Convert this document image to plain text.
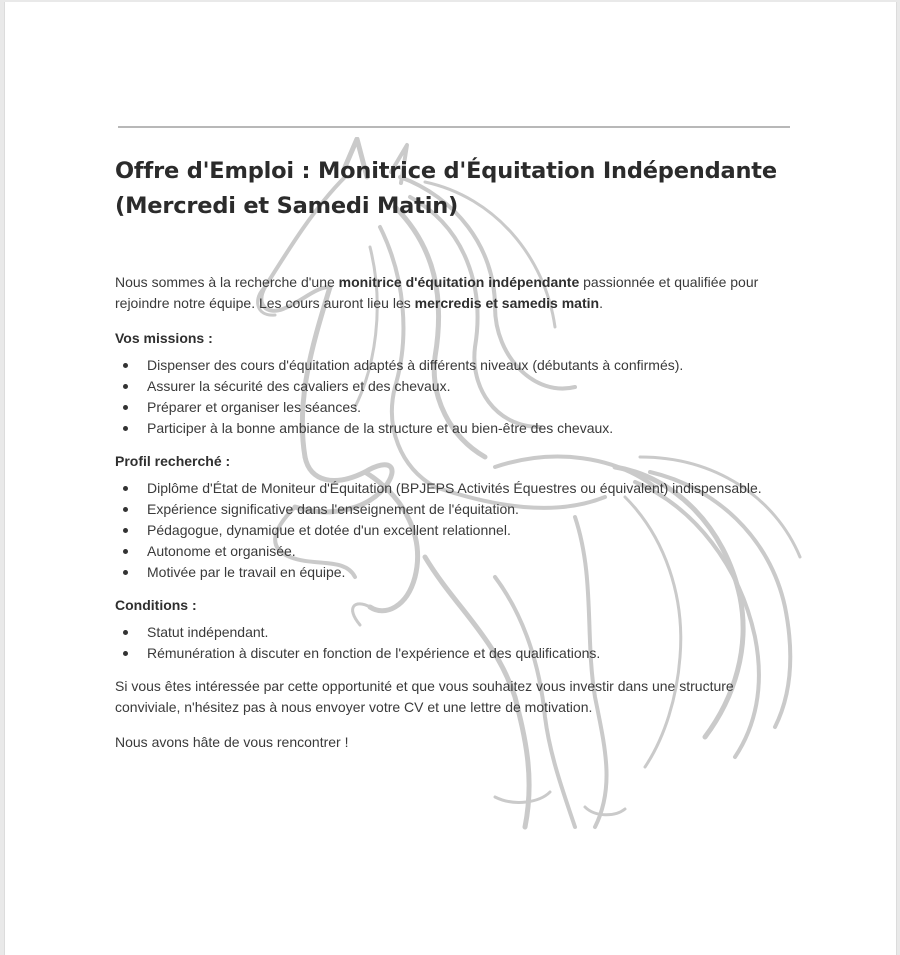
Offre d'Emploi : Monitrice d'Équitation Indépendante (Mercredi et Samedi Matin)

Nous sommes à la recherche d'une monitrice d'équitation indépendante passionnée et qualifiée pour rejoindre notre équipe. Les cours auront lieu les mercredis et samedis matin.

Vos missions :
Dispenser des cours d'équitation adaptés à différents niveaux (débutants à confirmés).
Assurer la sécurité des cavaliers et des chevaux.
Préparer et organiser les séances.
Participer à la bonne ambiance de la structure et au bien-être des chevaux.
Profil recherché :
Diplôme d'État de Moniteur d'Équitation (BPJEPS Activités Équestres ou équivalent) indispensable.
Expérience significative dans l'enseignement de l'équitation.
Pédagogue, dynamique et dotée d'un excellent relationnel.
Autonome et organisée.
Motivée par le travail en équipe.
Conditions :
Statut indépendant.
Rémunération à discuter en fonction de l'expérience et des qualifications.

Si vous êtes intéressée par cette opportunité et que vous souhaitez vous investir dans une structure conviviale, n'hésitez pas à nous envoyer votre CV et une lettre de motivation.

Nous avons hâte de vous rencontrer !
